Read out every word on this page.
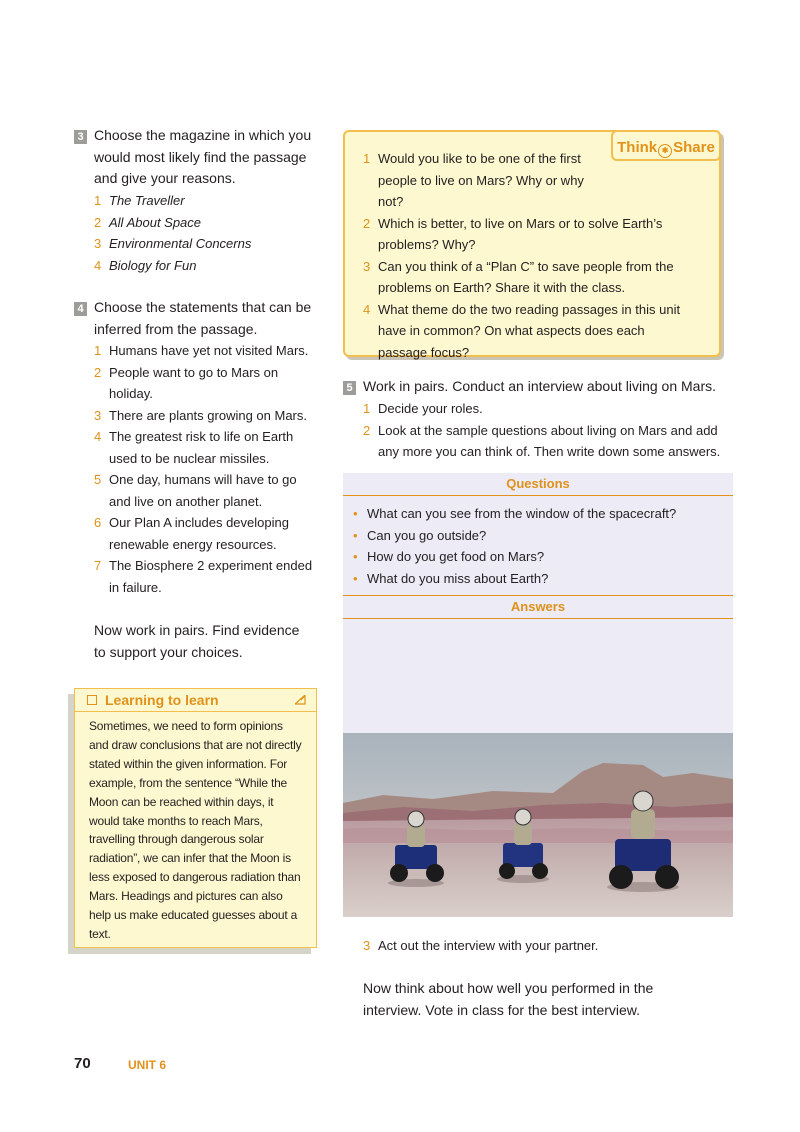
3 Choose the magazine in which you would most likely find the passage and give your reasons.
1 The Traveller
2 All About Space
3 Environmental Concerns
4 Biology for Fun
4 Choose the statements that can be inferred from the passage.
1 Humans have yet not visited Mars.
2 People want to go to Mars on holiday.
3 There are plants growing on Mars.
4 The greatest risk to life on Earth used to be nuclear missiles.
5 One day, humans will have to go and live on another planet.
6 Our Plan A includes developing renewable energy resources.
7 The Biosphere 2 experiment ended in failure.
Now work in pairs. Find evidence to support your choices.
Learning to learn
Sometimes, we need to form opinions and draw conclusions that are not directly stated within the given information. For example, from the sentence “While the Moon can be reached within days, it would take months to reach Mars, travelling through dangerous solar radiation”, we can infer that the Moon is less exposed to dangerous radiation than Mars. Headings and pictures can also help us make educated guesses about a text.
Think ✱ Share
1 Would you like to be one of the first people to live on Mars? Why or why not?
2 Which is better, to live on Mars or to solve Earth’s problems? Why?
3 Can you think of a “Plan C” to save people from the problems on Earth? Share it with the class.
4 What theme do the two reading passages in this unit have in common? On what aspects does each passage focus?
5 Work in pairs. Conduct an interview about living on Mars.
1 Decide your roles.
2 Look at the sample questions about living on Mars and add any more you can think of. Then write down some answers.
Questions
• What can you see from the window of the spacecraft?
• Can you go outside?
• How do you get food on Mars?
• What do you miss about Earth?
Answers
3 Act out the interview with your partner.
Now think about how well you performed in the interview. Vote in class for the best interview.
70	UNIT 6
